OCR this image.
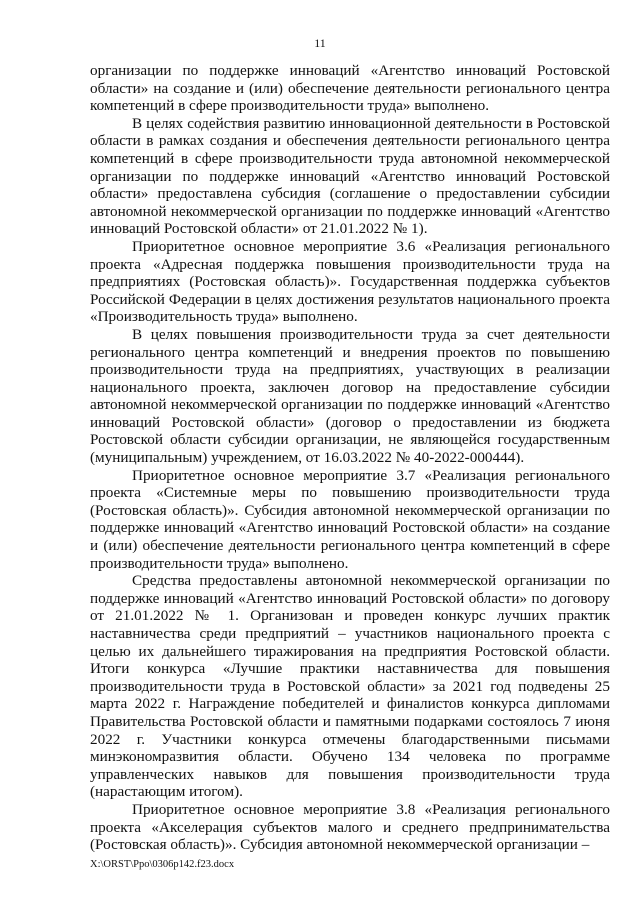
11

организации по поддержке инноваций «Агентство инноваций Ростовской области» на создание и (или) обеспечение деятельности регионального центра компетенций в сфере производительности труда» выполнено.

В целях содействия развитию инновационной деятельности в Ростовской области в рамках создания и обеспечения деятельности регионального центра компетенций в сфере производительности труда автономной некоммерческой организации по поддержке инноваций «Агентство инноваций Ростовской области» предоставлена субсидия (соглашение о предоставлении субсидии автономной некоммерческой организации по поддержке инноваций «Агентство инноваций Ростовской области» от 21.01.2022 № 1).

Приоритетное основное мероприятие 3.6 «Реализация регионального проекта «Адресная поддержка повышения производительности труда на предприятиях (Ростовская область)». Государственная поддержка субъектов Российской Федерации в целях достижения результатов национального проекта «Производительность труда» выполнено.

В целях повышения производительности труда за счет деятельности регионального центра компетенций и внедрения проектов по повышению производительности труда на предприятиях, участвующих в реализации национального проекта, заключен договор на предоставление субсидии автономной некоммерческой организации по поддержке инноваций «Агентство инноваций Ростовской области» (договор о предоставлении из бюджета Ростовской области субсидии организации, не являющейся государственным (муниципальным) учреждением, от 16.03.2022 № 40-2022-000444).

Приоритетное основное мероприятие 3.7 «Реализация регионального проекта «Системные меры по повышению производительности труда (Ростовская область)». Субсидия автономной некоммерческой организации по поддержке инноваций «Агентство инноваций Ростовской области» на создание и (или) обеспечение деятельности регионального центра компетенций в сфере производительности труда» выполнено.

Средства предоставлены автономной некоммерческой организации по поддержке инноваций «Агентство инноваций Ростовской области» по договору от 21.01.2022 № 1. Организован и проведен конкурс лучших практик наставничества среди предприятий – участников национального проекта с целью их дальнейшего тиражирования на предприятия Ростовской области. Итоги конкурса «Лучшие практики наставничества для повышения производительности труда в Ростовской области» за 2021 год подведены 25 марта 2022 г. Награждение победителей и финалистов конкурса дипломами Правительства Ростовской области и памятными подарками состоялось 7 июня 2022 г. Участники конкурса отмечены благодарственными письмами минэкономразвития области. Обучено 134 человека по программе управленческих навыков для повышения производительности труда (нарастающим итогом).

Приоритетное основное мероприятие 3.8 «Реализация регионального проекта «Акселерация субъектов малого и среднего предпринимательства (Ростовская область)». Субсидия автономной некоммерческой организации –

X:\ORST\Ppo\0306p142.f23.docx
